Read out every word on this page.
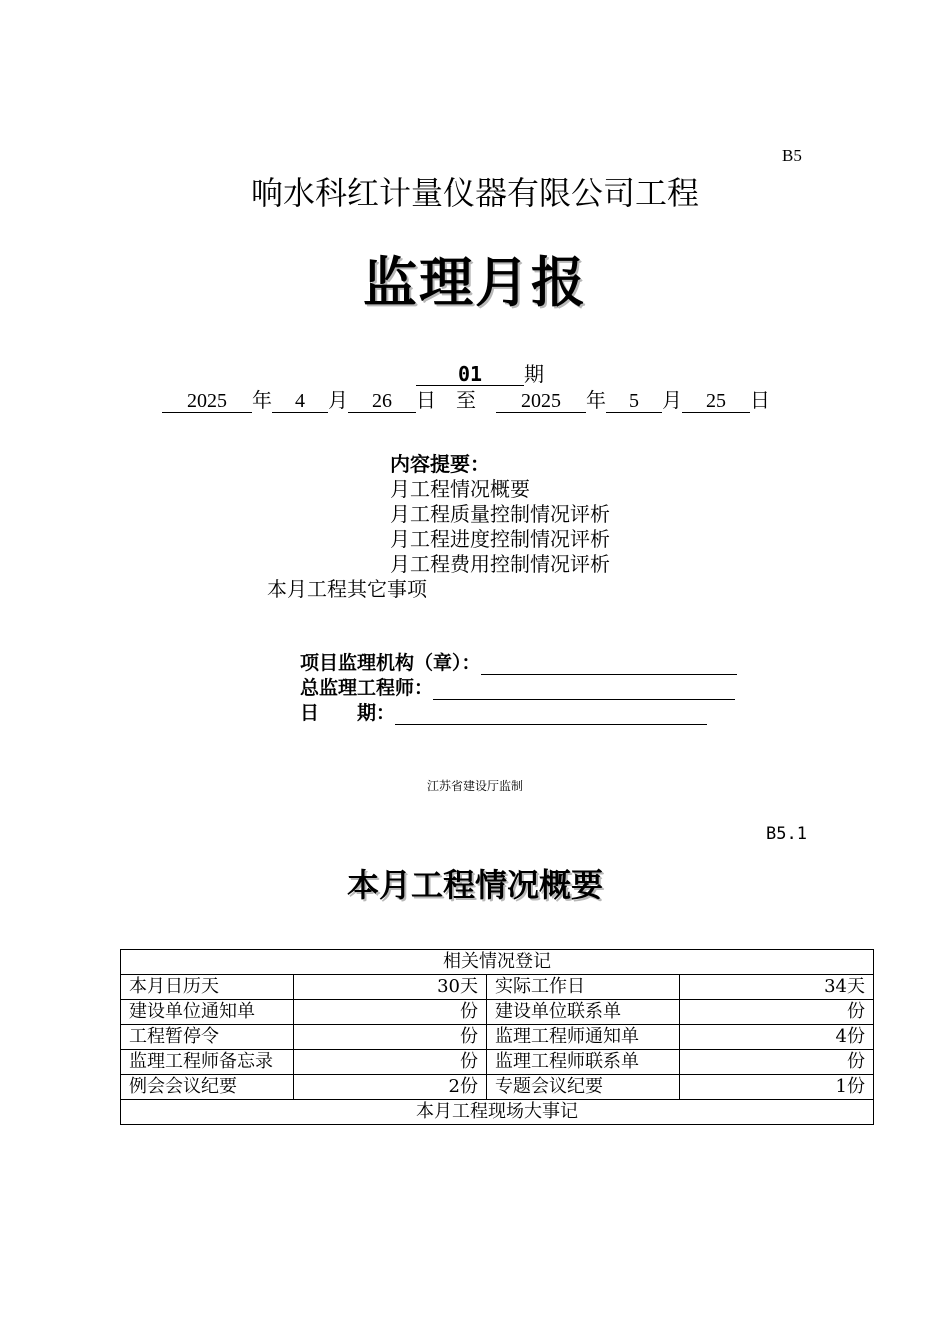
B5
响水科红计量仪器有限公司工程
监理月报
01 期
2025 年 4 月 26 日 至 2025 年 5 月 25 日
内容提要：
月工程情况概要
月工程质量控制情况评析
月工程进度控制情况评析
月工程费用控制情况评析
本月工程其它事项
项目监理机构（章）：
总监理工程师：
日　　期：
江苏省建设厅监制
B5.1
本月工程情况概要
相关情况登记			
本月日历天	30天	实际工作日	34天
建设单位通知单	份	建设单位联系单	份
工程暂停令	份	监理工程师通知单	4份
监理工程师备忘录	份	监理工程师联系单	份
例会会议纪要	2份	专题会议纪要	1份
本月工程现场大事记			
